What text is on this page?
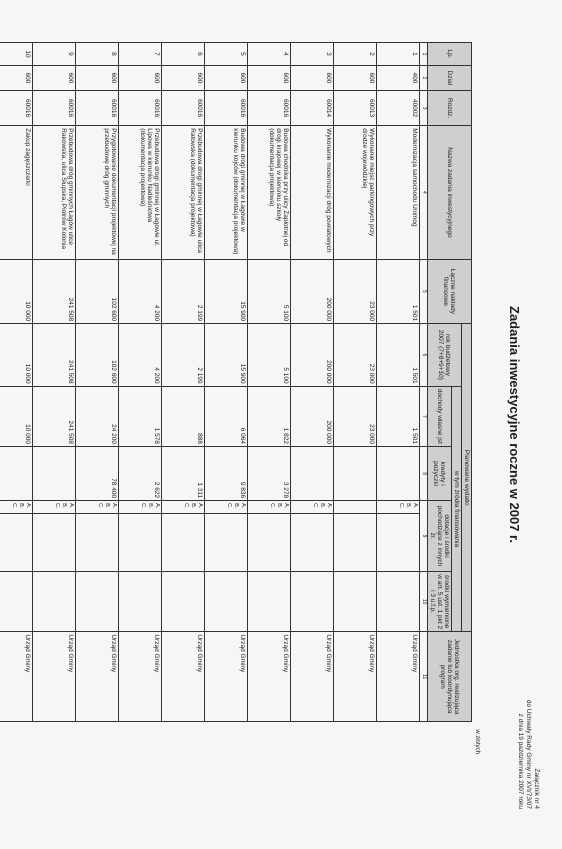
Załącznik nr 4
do Uchwały Rady Gminy nr XVI/73/07
z dnia 19 października 2007 roku
Zadania inwestycyjne roczne w 2007 r.
w złotych
Lp.	Dział	Rozdz.	Nazwa zadania inwestycyjnego	Łączne nakłady finansowe	Planowane wydatki						Jednostka org. realizująca zadanie lub koordynująca program
					rok budżetowy 2007 (7+8+9+10)	w tym źródła finansowania					
						dochody własne jst	kredyty i pożyczki	dotacje i środki pochodzące z innych źr.		środki wymienione w art. 5 ust. 1 pkt 2 i 3 u.f.p.	

1	2	3	4	5	6	7	8	9		10	11
1	400	40002	Modernizacja samochodu Unimog	1 501	1 501	1 501		A.
B.
C.			Urząd Gminy
2	600	60013	Wykonanie miejsc parkingowych przy drodze wojewódzkiej	23 000	23 000	23 000					Urząd Gminy
3	600	60014	Wykonanie modernizacji dróg powiatowych	200 000	200 000	200 000		A.
B.
C.			Urząd Gminy
4	600	60016	Budowa chodnika przy ulicy Zapłotnej od drogi krajowej w kierunku szkoły (dokumentacja projektowa)	5 100	5 100	1 822	3 278	A.
B.
C.			Urząd Gminy
5	600	60016	Budowa drogi gminnej w Łagowie w kierunku kojców (dokumentacja projektowa)	15 900	15 900	6 064	9 836	A.
B.
C.			Urząd Gminy
6	600	60016	Przebudowa drogi gminnej w Łagowie ulica Ratowska (dokumentacja projektowa)	2 199	2 199	888	1 311	A.
B.
C.			Urząd Gminy
7	600	60016	Przebudowa drogi gminnej w Łagowie ul. Lipowa w kierunku Nadleśnictwa (dokumentacja projektowa)	4 200	4 200	1 578	2 622	A.
B.
C.			Urząd Gminy
8	600	60016	Przygotowanie dokumentacji projektowej na przebudowę dróg gminnych	102 600	102 600	24 200	78 400	A.
B.
C.			Urząd Gminy
9	600	60016	Przebudowa dróg gminnych Łagów ulice Rakowska, ulica Słupska, Piotrów Kolonia	241 508	241 508	241 508		A.
B.
C.			Urząd Gminy
10	600	60016	Zakup zagęszczarki	10 000	10 000	10 000		A.
B.
C.			Urząd Gminy
